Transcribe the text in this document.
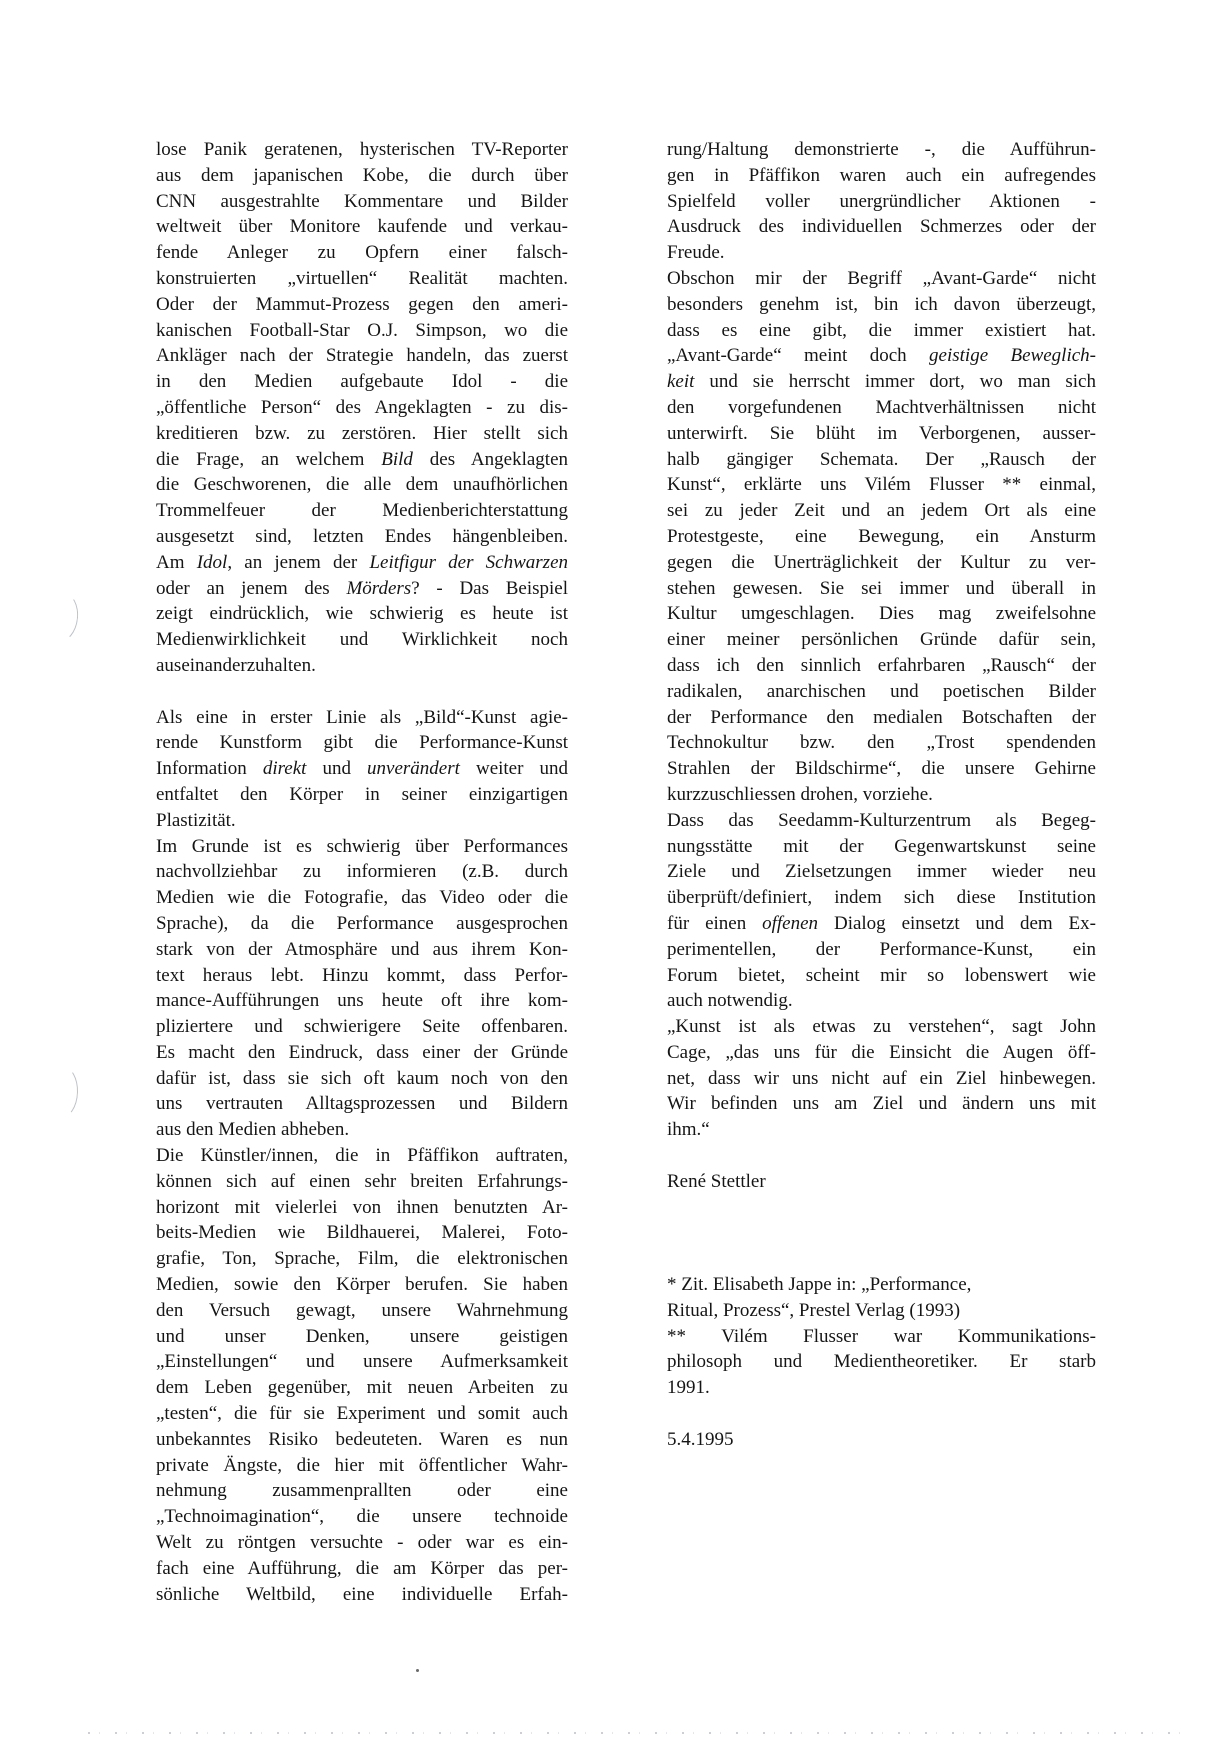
lose Panik geratenen, hysterischen TV-Reporter
aus dem japanischen Kobe, die durch über
CNN ausgestrahlte Kommentare und Bilder
weltweit über Monitore kaufende und verkau-
fende Anleger zu Opfern einer falsch-
konstruierten „virtuellen“ Realität machten.
Oder der Mammut-Prozess gegen den ameri-
kanischen Football-Star O.J. Simpson, wo die
Ankläger nach der Strategie handeln, das zuerst
in den Medien aufgebaute Idol - die
„öffentliche Person“ des Angeklagten - zu dis-
kreditieren bzw. zu zerstören. Hier stellt sich
die Frage, an welchem Bild des Angeklagten
die Geschworenen, die alle dem unaufhörlichen
Trommelfeuer der Medienberichterstattung
ausgesetzt sind, letzten Endes hängenbleiben.
Am Idol, an jenem der Leitfigur der Schwarzen
oder an jenem des Mörders? - Das Beispiel
zeigt eindrücklich, wie schwierig es heute ist
Medienwirklichkeit und Wirklichkeit noch
auseinanderzuhalten.
Als eine in erster Linie als „Bild“-Kunst agie-
rende Kunstform gibt die Performance-Kunst
Information direkt und unverändert weiter und
entfaltet den Körper in seiner einzigartigen
Plastizität.
Im Grunde ist es schwierig über Performances
nachvollziehbar zu informieren (z.B. durch
Medien wie die Fotografie, das Video oder die
Sprache), da die Performance ausgesprochen
stark von der Atmosphäre und aus ihrem Kon-
text heraus lebt. Hinzu kommt, dass Perfor-
mance-Aufführungen uns heute oft ihre kom-
pliziertere und schwierigere Seite offenbaren.
Es macht den Eindruck, dass einer der Gründe
dafür ist, dass sie sich oft kaum noch von den
uns vertrauten Alltagsprozessen und Bildern
aus den Medien abheben.
Die Künstler/innen, die in Pfäffikon auftraten,
können sich auf einen sehr breiten Erfahrungs-
horizont mit vielerlei von ihnen benutzten Ar-
beits-Medien wie Bildhauerei, Malerei, Foto-
grafie, Ton, Sprache, Film, die elektronischen
Medien, sowie den Körper berufen. Sie haben
den Versuch gewagt, unsere Wahrnehmung
und unser Denken, unsere geistigen
„Einstellungen“ und unsere Aufmerksamkeit
dem Leben gegenüber, mit neuen Arbeiten zu
„testen“, die für sie Experiment und somit auch
unbekanntes Risiko bedeuteten. Waren es nun
private Ängste, die hier mit öffentlicher Wahr-
nehmung zusammenprallten oder eine
„Technoimagination“, die unsere technoide
Welt zu röntgen versuchte - oder war es ein-
fach eine Aufführung, die am Körper das per-
sönliche Weltbild, eine individuelle Erfah-
rung/Haltung demonstrierte -, die Aufführun-
gen in Pfäffikon waren auch ein aufregendes
Spielfeld voller unergründlicher Aktionen -
Ausdruck des individuellen Schmerzes oder der
Freude.
Obschon mir der Begriff „Avant-Garde“ nicht
besonders genehm ist, bin ich davon überzeugt,
dass es eine gibt, die immer existiert hat.
„Avant-Garde“ meint doch geistige Beweglich-
keit und sie herrscht immer dort, wo man sich
den vorgefundenen Machtverhältnissen nicht
unterwirft. Sie blüht im Verborgenen, ausser-
halb gängiger Schemata. Der „Rausch der
Kunst“, erklärte uns Vilém Flusser ** einmal,
sei zu jeder Zeit und an jedem Ort als eine
Protestgeste, eine Bewegung, ein Ansturm
gegen die Unerträglichkeit der Kultur zu ver-
stehen gewesen. Sie sei immer und überall in
Kultur umgeschlagen. Dies mag zweifelsohne
einer meiner persönlichen Gründe dafür sein,
dass ich den sinnlich erfahrbaren „Rausch“ der
radikalen, anarchischen und poetischen Bilder
der Performance den medialen Botschaften der
Technokultur bzw. den „Trost spendenden
Strahlen der Bildschirme“, die unsere Gehirne
kurzzuschliessen drohen, vorziehe.
Dass das Seedamm-Kulturzentrum als Begeg-
nungsstätte mit der Gegenwartskunst seine
Ziele und Zielsetzungen immer wieder neu
überprüft/definiert, indem sich diese Institution
für einen offenen Dialog einsetzt und dem Ex-
perimentellen, der Performance-Kunst, ein
Forum bietet, scheint mir so lobenswert wie
auch notwendig.
„Kunst ist als etwas zu verstehen“, sagt John
Cage, „das uns für die Einsicht die Augen öff-
net, dass wir uns nicht auf ein Ziel hinbewegen.
Wir befinden uns am Ziel und ändern uns mit
ihm.“
René Stettler
* Zit. Elisabeth Jappe in: „Performance,
Ritual, Prozess“, Prestel Verlag (1993)
** Vilém Flusser war Kommunikations-
philosoph und Medientheoretiker. Er starb
1991.
5.4.1995
